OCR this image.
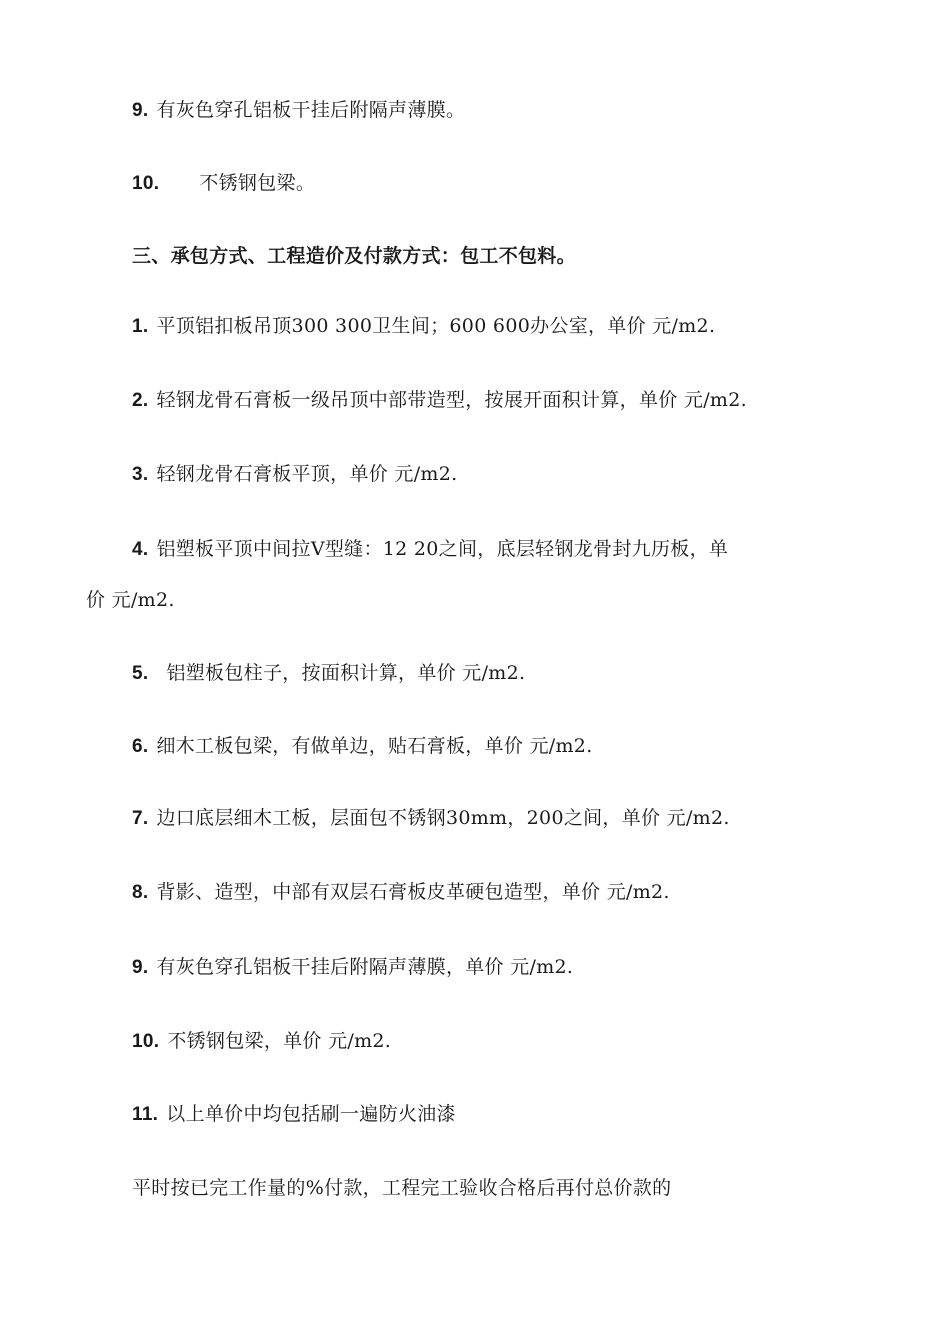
9. 有灰色穿孔铝板干挂后附隔声薄膜。
10. 不锈钢包梁。
三、承包方式、工程造价及付款方式：包工不包料。
1. 平顶铝扣板吊顶300 300卫生间；600 600办公室，单价 元/m2.
2. 轻钢龙骨石膏板一级吊顶中部带造型，按展开面积计算，单价 元/m2.
3. 轻钢龙骨石膏板平顶，单价 元/m2.
4. 铝塑板平顶中间拉Ⅴ型缝：12 20之间，底层轻钢龙骨封九历板，单
价 元/m2.
5. 铝塑板包柱子，按面积计算，单价 元/m2.
6. 细木工板包梁，有做单边，贴石膏板，单价 元/m2.
7. 边口底层细木工板，层面包不锈钢30mm，200之间，单价 元/m2.
8. 背影、造型，中部有双层石膏板皮革硬包造型，单价 元/m2.
9. 有灰色穿孔铝板干挂后附隔声薄膜，单价 元/m2.
10. 不锈钢包梁，单价 元/m2.
11. 以上单价中均包括刷一遍防火油漆
平时按已完工作量的%付款，工程完工验收合格后再付总价款的
